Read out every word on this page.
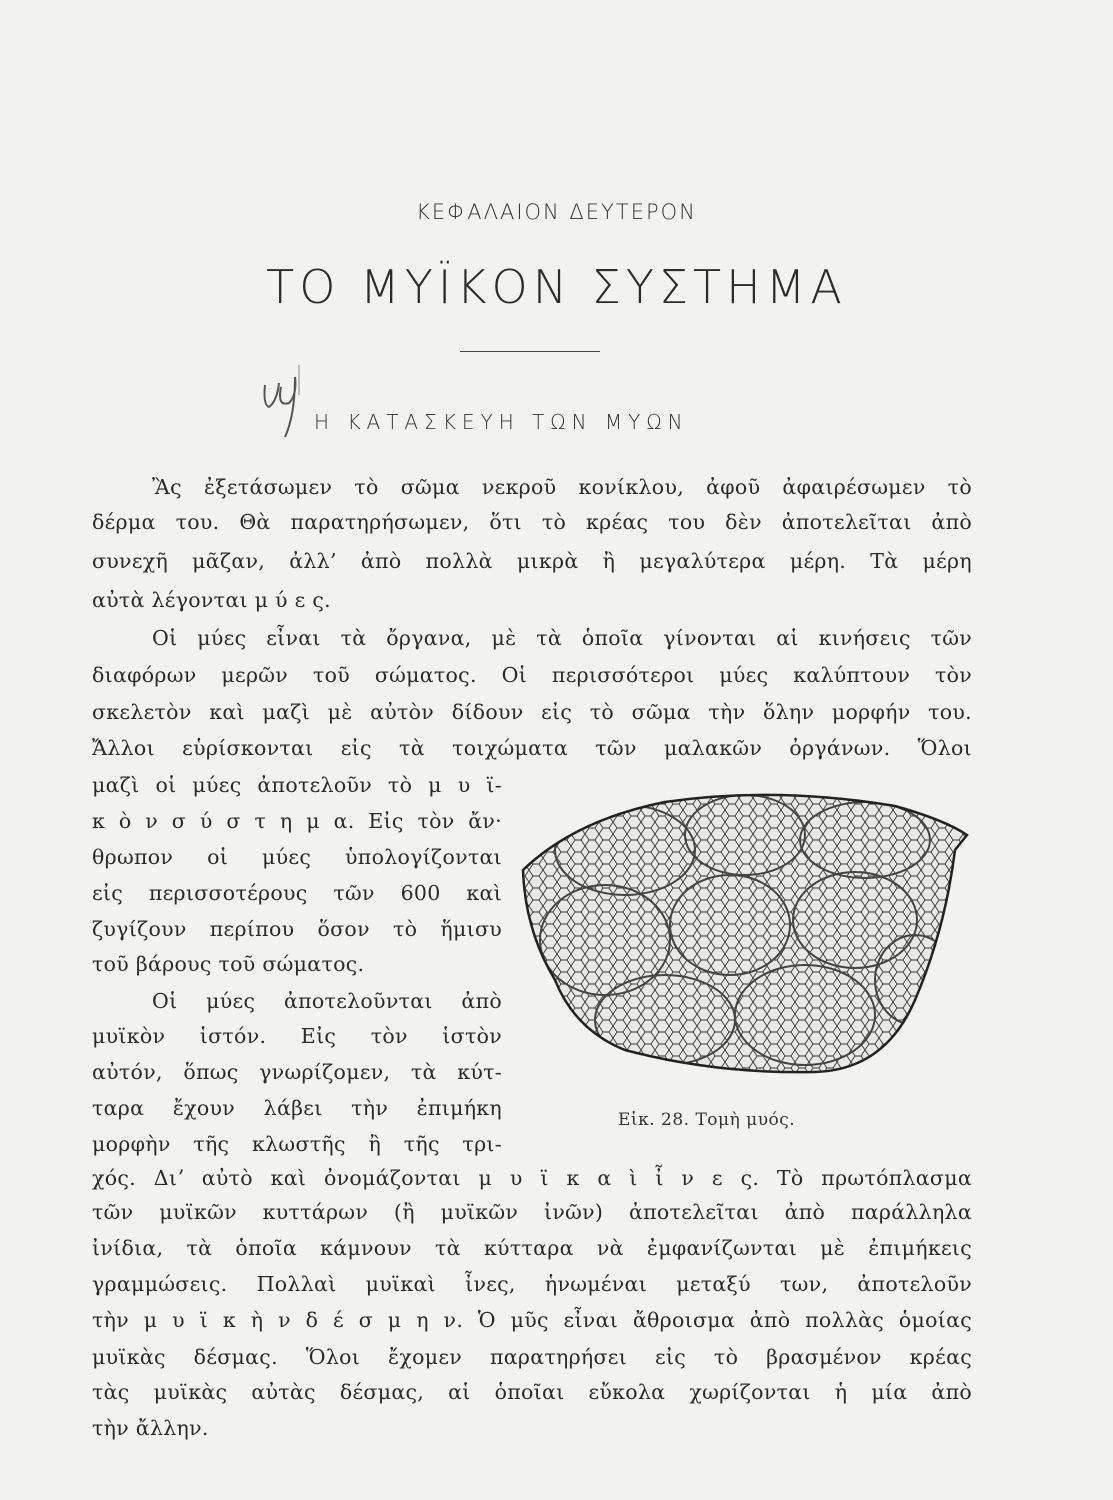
ΚΕΦΑΛΑΙΟΝ ΔΕΥΤΕΡΟΝ
ΤΟ ΜΥΪΚΟΝ ΣΥΣΤΗΜΑ
Η ΚΑΤΑΣΚΕΥΗ ΤΩΝ ΜΥΩΝ
Ἂς ἐξετάσωμεν τὸ σῶμα νεκροῦ κονίκλου, ἀφοῦ ἀφαιρέσωμεν τὸ
δέρμα του. Θὰ παρατηρήσωμεν, ὅτι τὸ κρέας του δὲν ἀποτελεῖται ἀπὸ
συνεχῆ μᾶζαν, ἀλλ’ ἀπὸ πολλὰ μικρὰ ἢ μεγαλύτερα μέρη. Τὰ μέρη
αὐτὰ λέγονται μ ύ ε ς.
Οἱ μύες εἶναι τὰ ὄργανα, μὲ τὰ ὁποῖα γίνονται αἱ κινήσεις τῶν
διαφόρων μερῶν τοῦ σώματος. Οἱ περισσότεροι μύες καλύπτουν τὸν
σκελετὸν καὶ μαζὶ μὲ αὐτὸν δίδουν εἰς τὸ σῶμα τὴν ὅλην μορφήν του.
Ἄλλοι εὑρίσκονται εἰς τὰ τοιχώματα τῶν μαλακῶν ὀργάνων. Ὅλοι
μαζὶ οἱ μύες ἀποτελοῦν τὸ μ υ ϊ-
κ ὸ ν σ ύ σ τ η μ α. Εἰς τὸν ἄν·
θρωπον οἱ μύες ὑπολογίζονται
εἰς περισσοτέρους τῶν 600 καὶ
ζυγίζουν περίπου ὅσον τὸ ἥμισυ
τοῦ βάρους τοῦ σώματος.
Οἱ μύες ἀποτελοῦνται ἀπὸ
μυϊκὸν ἱστόν. Εἰς τὸν ἱστὸν
αὐτόν, ὅπως γνωρίζομεν, τὰ κύτ-
ταρα ἔχουν λάβει τὴν ἐπιμήκη
μορφὴν τῆς κλωστῆς ἢ τῆς τρι-
χός. Διʼ αὐτὸ καὶ ὀνομάζονται μ υ ϊ κ α ὶ ἶ ν ε ς. Τὸ πρωτόπλασμα
τῶν μυϊκῶν κυττάρων (ἢ μυϊκῶν ἰνῶν) ἀποτελεῖται ἀπὸ παράλληλα
ἰνίδια, τὰ ὁποῖα κάμνουν τὰ κύτταρα νὰ ἐμφανίζωνται μὲ ἐπιμήκεις
γραμμώσεις. Πολλαὶ μυϊκαὶ ἶνες, ἡνωμέναι μεταξύ των, ἀποτελοῦν
τὴν μ υ ϊ κ ὴ ν δ έ σ μ η ν. Ὁ μῦς εἶναι ἄθροισμα ἀπὸ πολλὰς ὁμοίας
μυϊκὰς δέσμας. Ὅλοι ἔχομεν παρατηρήσει εἰς τὸ βρασμένον κρέας
τὰς μυϊκὰς αὐτὰς δέσμας, αἱ ὁποῖαι εὔκολα χωρίζονται ἡ μία ἀπὸ
τὴν ἄλλην.
Εἰκ. 28. Τομὴ μυός.
